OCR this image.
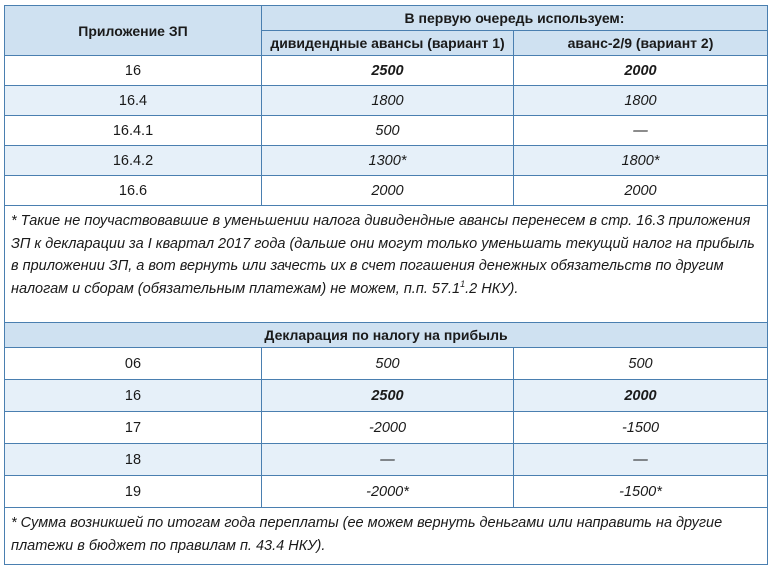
Приложение ЗП	В первую очередь используем:	
	дивидендные авансы (вариант 1)	аванс-2/9 (вариант 2)
16	2500	2000
16.4	1800	1800
16.4.1	500	—
16.4.2	1300*	1800*
16.6	2000	2000

* Такие не поучаствовавшие в уменьшении налога дивидендные авансы перенесем в стр. 16.3 приложения ЗП к декларации за I квартал 2017 года (дальше они могут только уменьшать текущий налог на прибыль в приложении ЗП, а вот вернуть или зачесть их в счет погашения денежных обязательств по другим налогам и сборам (обязательным платежам) не можем, п.п. 57.1$^1$.2 НКУ).		

Декларация по налогу на прибыль		
06	500	500
16	2500	2000
17	-2000	-1500
18	—	—
19	-2000*	-1500*

* Сумма возникшей по итогам года переплаты (ее можем вернуть деньгами или направить на другие платежи в бюджет по правилам п. 43.4 НКУ).		
